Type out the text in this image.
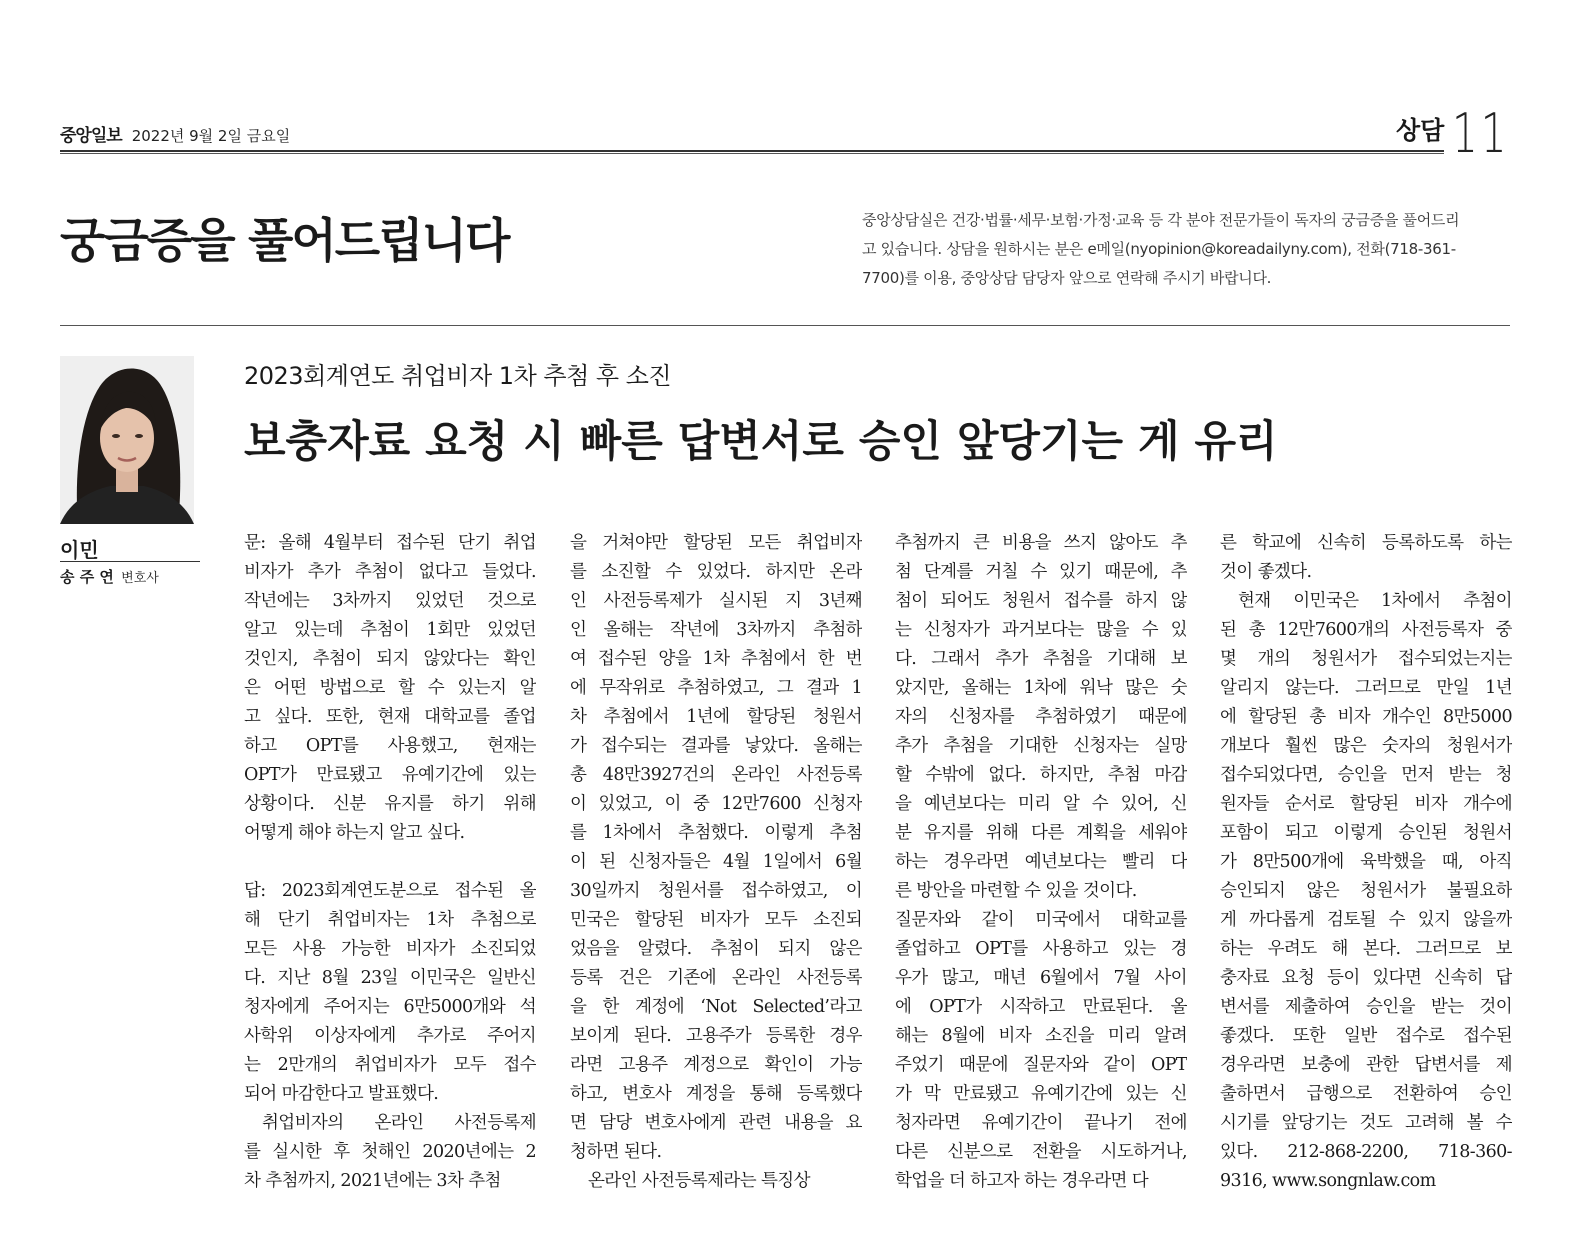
중앙일보 2022년 9월 2일 금요일	상담 11
궁금증을 풀어드립니다	중앙상담실은 건강·법률·세무·보험·가정·교육 등 각 분야 전문가들이 독자의 궁금증을 풀어드리
고 있습니다. 상담을 원하시는 분은 e메일(nyopinion@koreadailyny.com), 전화(718-361-
7700)를 이용, 중앙상담 담당자 앞으로 연락해 주시기 바랍니다.
이민
송 주 연 변호사
2023회계연도 취업비자 1차 추첨 후 소진
보충자료 요청 시 빠른 답변서로 승인 앞당기는 게 유리
문: 올해 4월부터 접수된 단기 취업
비자가 추가 추첨이 없다고 들었다.
작년에는 3차까지 있었던 것으로
알고 있는데 추첨이 1회만 있었던
것인지, 추첨이 되지 않았다는 확인
은 어떤 방법으로 할 수 있는지 알
고 싶다. 또한, 현재 대학교를 졸업
하고 OPT를 사용했고, 현재는
OPT가 만료됐고 유예기간에 있는
상황이다. 신분 유지를 하기 위해
어떻게 해야 하는지 알고 싶다.
답: 2023회계연도분으로 접수된 올
해 단기 취업비자는 1차 추첨으로
모든 사용 가능한 비자가 소진되었
다. 지난 8월 23일 이민국은 일반신
청자에게 주어지는 6만5000개와 석
사학위 이상자에게 추가로 주어지
는 2만개의 취업비자가 모두 접수
되어 마감한다고 발표했다.
취업비자의 온라인 사전등록제
를 실시한 후 첫해인 2020년에는 2
차 추첨까지, 2021년에는 3차 추첨
을 거쳐야만 할당된 모든 취업비자
를 소진할 수 있었다. 하지만 온라
인 사전등록제가 실시된 지 3년째
인 올해는 작년에 3차까지 추첨하
여 접수된 양을 1차 추첨에서 한 번
에 무작위로 추첨하였고, 그 결과 1
차 추첨에서 1년에 할당된 청원서
가 접수되는 결과를 낳았다. 올해는
총 48만3927건의 온라인 사전등록
이 있었고, 이 중 12만7600 신청자
를 1차에서 추첨했다. 이렇게 추첨
이 된 신청자들은 4월 1일에서 6월
30일까지 청원서를 접수하였고, 이
민국은 할당된 비자가 모두 소진되
었음을 알렸다. 추첨이 되지 않은
등록 건은 기존에 온라인 사전등록
을 한 계정에 ‘Not Selected’라고
보이게 된다. 고용주가 등록한 경우
라면 고용주 계정으로 확인이 가능
하고, 변호사 계정을 통해 등록했다
면 담당 변호사에게 관련 내용을 요
청하면 된다.
온라인 사전등록제라는 특징상
추첨까지 큰 비용을 쓰지 않아도 추
첨 단계를 거칠 수 있기 때문에, 추
첨이 되어도 청원서 접수를 하지 않
는 신청자가 과거보다는 많을 수 있
다. 그래서 추가 추첨을 기대해 보
았지만, 올해는 1차에 워낙 많은 숫
자의 신청자를 추첨하였기 때문에
추가 추첨을 기대한 신청자는 실망
할 수밖에 없다. 하지만, 추첨 마감
을 예년보다는 미리 알 수 있어, 신
분 유지를 위해 다른 계획을 세워야
하는 경우라면 예년보다는 빨리 다
른 방안을 마련할 수 있을 것이다.
질문자와 같이 미국에서 대학교를
졸업하고 OPT를 사용하고 있는 경
우가 많고, 매년 6월에서 7월 사이
에 OPT가 시작하고 만료된다. 올
해는 8월에 비자 소진을 미리 알려
주었기 때문에 질문자와 같이 OPT
가 막 만료됐고 유예기간에 있는 신
청자라면 유예기간이 끝나기 전에
다른 신분으로 전환을 시도하거나,
학업을 더 하고자 하는 경우라면 다
른 학교에 신속히 등록하도록 하는
것이 좋겠다.
현재 이민국은 1차에서 추첨이
된 총 12만7600개의 사전등록자 중
몇 개의 청원서가 접수되었는지는
알리지 않는다. 그러므로 만일 1년
에 할당된 총 비자 개수인 8만5000
개보다 훨씬 많은 숫자의 청원서가
접수되었다면, 승인을 먼저 받는 청
원자들 순서로 할당된 비자 개수에
포함이 되고 이렇게 승인된 청원서
가 8만500개에 육박했을 때, 아직
승인되지 않은 청원서가 불필요하
게 까다롭게 검토될 수 있지 않을까
하는 우려도 해 본다. 그러므로 보
충자료 요청 등이 있다면 신속히 답
변서를 제출하여 승인을 받는 것이
좋겠다. 또한 일반 접수로 접수된
경우라면 보충에 관한 답변서를 제
출하면서 급행으로 전환하여 승인
시기를 앞당기는 것도 고려해 볼 수
있다. 212-868-2200, 718-360-
9316, www.songnlaw.com
